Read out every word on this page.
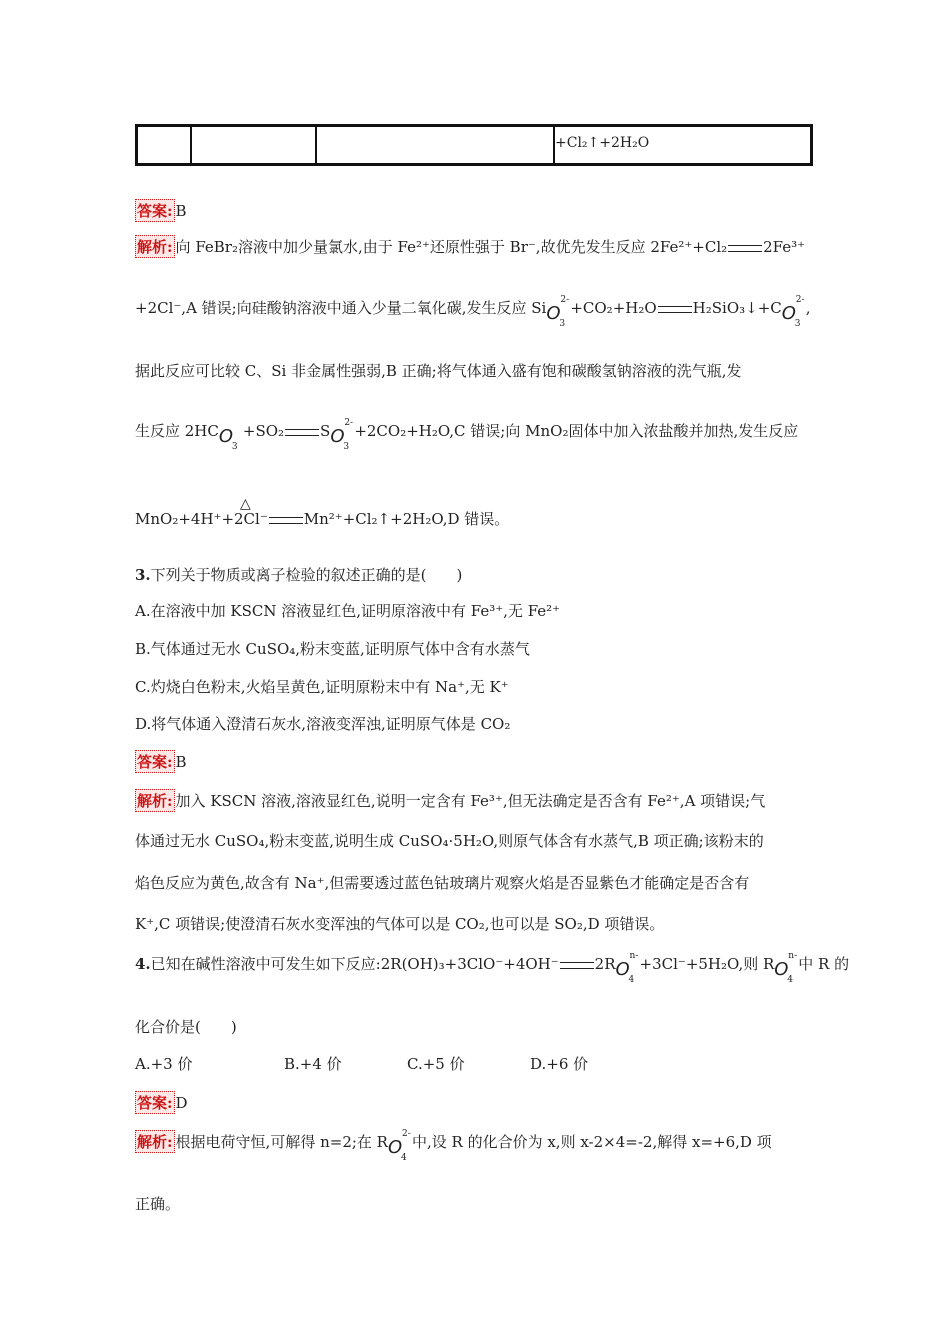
+Cl₂↑+2H₂O
答案: B
解析: 向 FeBr₂溶液中加少量氯水,由于 Fe²⁺还原性强于 Br⁻,故优先发生反应 2Fe²⁺+Cl₂ 2Fe³⁺
+2Cl⁻,A 错误;向硅酸钠溶液中通入少量二氧化碳,发生反应 Si O
3
2- +CO₂+H₂O H₂SiO₃↓+C O
3
2- ,
据此反应可比较 C、Si 非金属性强弱,B 正确;将气体通入盛有饱和碳酸氢钠溶液的洗气瓶,发
生反应 2HC O
3
+SO₂ S O
3
2- +2CO₂+H₂O,C 错误;向 MnO₂固体中加入浓盐酸并加热,发生反应
△
MnO₂+4H⁺+2Cl⁻ Mn²⁺+Cl₂↑+2H₂O,D 错误。
3.下列关于物质或离子检验的叙述正确的是(　　)
A.在溶液中加 KSCN 溶液显红色,证明原溶液中有 Fe³⁺,无 Fe²⁺
B.气体通过无水 CuSO₄,粉末变蓝,证明原气体中含有水蒸气
C.灼烧白色粉末,火焰呈黄色,证明原粉末中有 Na⁺,无 K⁺
D.将气体通入澄清石灰水,溶液变浑浊,证明原气体是 CO₂
答案: B
解析: 加入 KSCN 溶液,溶液显红色,说明一定含有 Fe³⁺,但无法确定是否含有 Fe²⁺,A 项错误;气
体通过无水 CuSO₄,粉末变蓝,说明生成 CuSO₄·5H₂O,则原气体含有水蒸气,B 项正确;该粉末的
焰色反应为黄色,故含有 Na⁺,但需要透过蓝色钴玻璃片观察火焰是否显紫色才能确定是否含有
K⁺,C 项错误;使澄清石灰水变浑浊的气体可以是 CO₂,也可以是 SO₂,D 项错误。
4.已知在碱性溶液中可发生如下反应:2R(OH)₃+3ClO⁻+4OH⁻ 2R O
4
n- +3Cl⁻+5H₂O,则 R O
4
n- 中 R 的
化合价是(　　)
A.+3 价	B.+4 价	C.+5 价	D.+6 价
答案: D
解析: 根据电荷守恒,可解得 n=2;在 R O
4
2- 中,设 R 的化合价为 x,则 x-2×4=-2,解得 x=+6,D 项
正确。
